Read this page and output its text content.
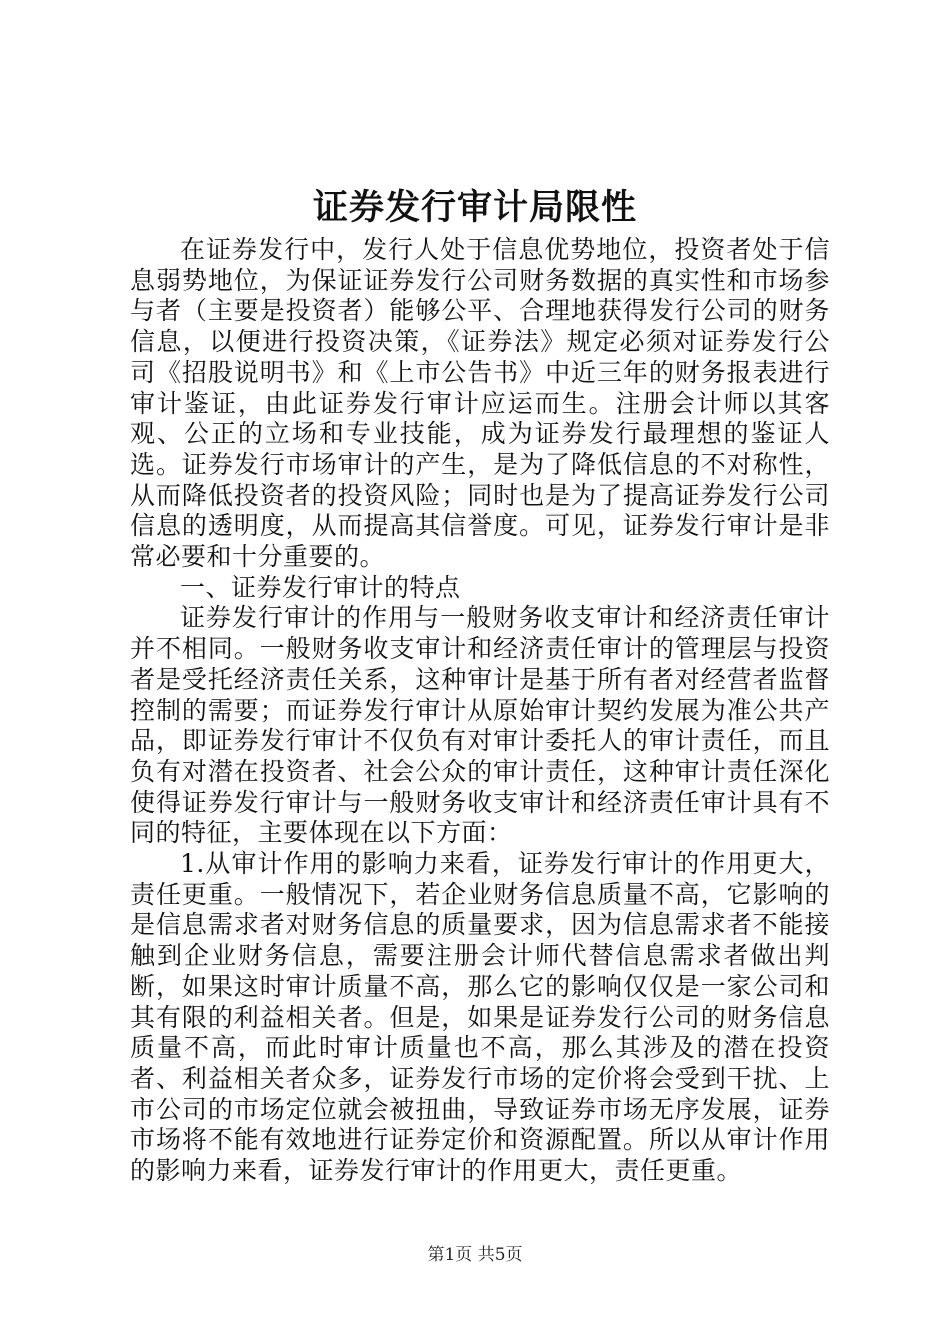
证券发行审计局限性

在证券发行中，发行人处于信息优势地位，投资者处于信息弱势地位，为保证证券发行公司财务数据的真实性和市场参与者（主要是投资者）能够公平、合理地获得发行公司的财务信息，以便进行投资决策，《证券法》规定必须对证券发行公司《招股说明书》和《上市公告书》中近三年的财务报表进行审计鉴证，由此证券发行审计应运而生。注册会计师以其客观、公正的立场和专业技能，成为证券发行最理想的鉴证人选。证券发行市场审计的产生，是为了降低信息的不对称性，从而降低投资者的投资风险；同时也是为了提高证券发行公司信息的透明度，从而提高其信誉度。可见，证券发行审计是非常必要和十分重要的。

一、证券发行审计的特点

证券发行审计的作用与一般财务收支审计和经济责任审计并不相同。一般财务收支审计和经济责任审计的管理层与投资者是受托经济责任关系，这种审计是基于所有者对经营者监督控制的需要；而证券发行审计从原始审计契约发展为准公共产品，即证券发行审计不仅负有对审计委托人的审计责任，而且负有对潜在投资者、社会公众的审计责任，这种审计责任深化使得证券发行审计与一般财务收支审计和经济责任审计具有不同的特征，主要体现在以下方面：

1.从审计作用的影响力来看，证券发行审计的作用更大，责任更重。一般情况下，若企业财务信息质量不高，它影响的是信息需求者对财务信息的质量要求，因为信息需求者不能接触到企业财务信息，需要注册会计师代替信息需求者做出判断，如果这时审计质量不高，那么它的影响仅仅是一家公司和其有限的利益相关者。但是，如果是证券发行公司的财务信息质量不高，而此时审计质量也不高，那么其涉及的潜在投资者、利益相关者众多，证券发行市场的定价将会受到干扰、上市公司的市场定位就会被扭曲，导致证券市场无序发展，证券市场将不能有效地进行证券定价和资源配置。所以从审计作用的影响力来看，证券发行审计的作用更大，责任更重。

第1页 共5页
